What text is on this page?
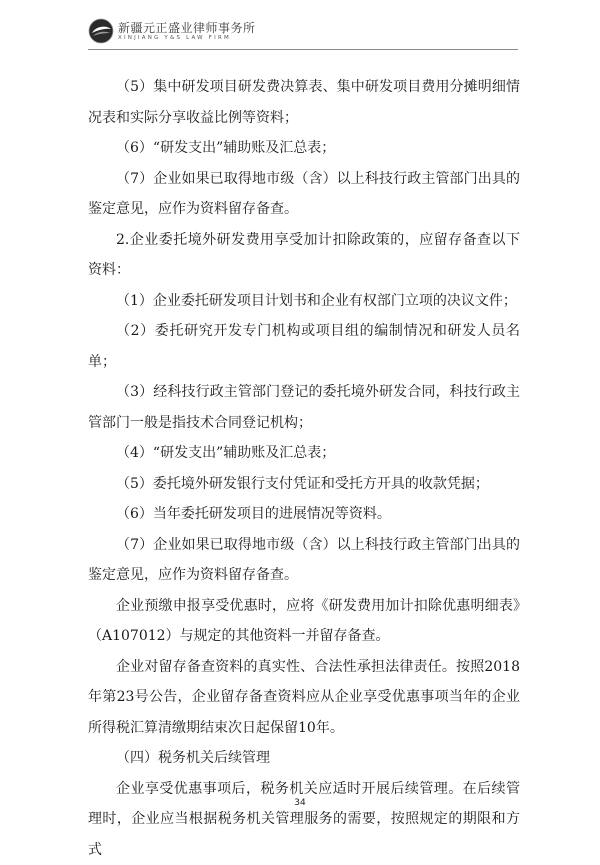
新疆元正盛业律师事务所
XINJIANG Y&S LAW FIRM

（5）集中研发项目研发费决算表、集中研发项目费用分摊明细情况表和实际分享收益比例等资料；

（6）“研发支出”辅助账及汇总表；

（7）企业如果已取得地市级（含）以上科技行政主管部门出具的鉴定意见，应作为资料留存备查。

2.企业委托境外研发费用享受加计扣除政策的，应留存备查以下资料：

（1）企业委托研发项目计划书和企业有权部门立项的决议文件；

（2）委托研究开发专门机构或项目组的编制情况和研发人员名单；

（3）经科技行政主管部门登记的委托境外研发合同，科技行政主管部门一般是指技术合同登记机构；

（4）“研发支出”辅助账及汇总表；

（5）委托境外研发银行支付凭证和受托方开具的收款凭据；

（6）当年委托研发项目的进展情况等资料。

（7）企业如果已取得地市级（含）以上科技行政主管部门出具的鉴定意见，应作为资料留存备查。

企业预缴申报享受优惠时，应将《研发费用加计扣除优惠明细表》（A107012）与规定的其他资料一并留存备查。

企业对留存备查资料的真实性、合法性承担法律责任。按照2018年第23号公告，企业留存备查资料应从企业享受优惠事项当年的企业所得税汇算清缴期结束次日起保留10年。

（四）税务机关后续管理

企业享受优惠事项后，税务机关应适时开展后续管理。在后续管理时，企业应当根据税务机关管理服务的需要，按照规定的期限和方式

34
